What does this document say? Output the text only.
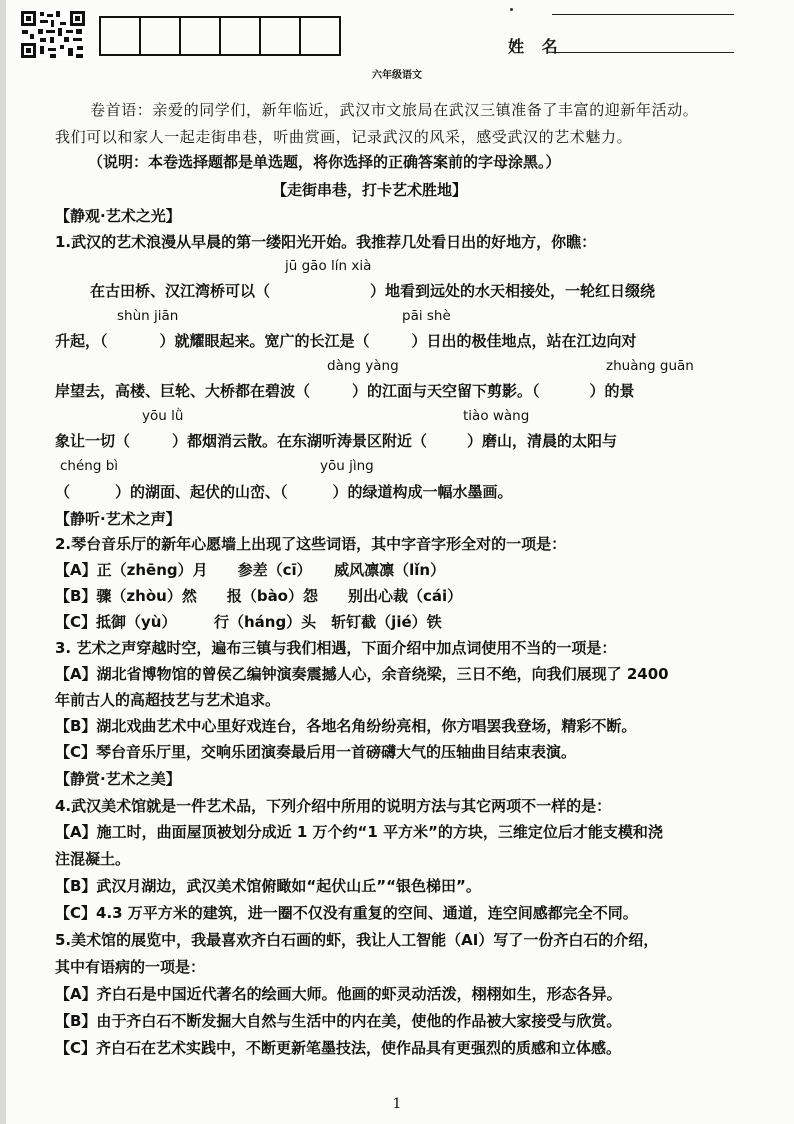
姓 名
六年级语文
卷首语：亲爱的同学们，新年临近，武汉市文旅局在武汉三镇准备了丰富的迎新年活动。
我们可以和家人一起走街串巷，听曲赏画，记录武汉的风采，感受武汉的艺术魅力。
（说明：本卷选择题都是单选题，将你选择的正确答案前的字母涂黑。）
【走街串巷，打卡艺术胜地】
【静观·艺术之光】
1.武汉的艺术浪漫从早晨的第一缕阳光开始。我推荐几处看日出的好地方，你瞧：
jū gāo lín xià
在古田桥、汉江湾桥可以（	）地看到远处的水天相接处，一轮红日缀绕
shùn jiān	pāi shè
升起，（	）就耀眼起来。宽广的长江是（	）日出的极佳地点，站在江边向对
dàng yàng	zhuàng guān
岸望去，高楼、巨轮、大桥都在碧波（	）的江面与天空留下剪影。（	）的景
yōu lǜ	tiào wàng
象让一切（	）都烟消云散。在东湖听涛景区附近（	）磨山，清晨的太阳与
chéng bì	yōu jìng
（	）的湖面、起伏的山峦、（	）的绿道构成一幅水墨画。
【静听·艺术之声】
2.琴台音乐厅的新年心愿墙上出现了这些词语，其中字音字形全对的一项是：
【A】正（zhēng）月　　参差（cī）　　威风凛凛（lǐn）
【B】骤（zhòu）然　　报（bào）怨　　别出心裁（cái）
【C】抵御（yù）　　　行（háng）头　斩钉截（jié）铁
3. 艺术之声穿越时空，遍布三镇与我们相遇，下面介绍中加点词使用不当的一项是：
【A】湖北省博物馆的曾侯乙编钟演奏震撼人心，余音绕梁，三日不绝，向我们展现了 2400
年前古人的高超技艺与艺术追求。
【B】湖北戏曲艺术中心里好戏连台，各地名角纷纷亮相，你方唱罢我登场，精彩不断。
【C】琴台音乐厅里，交响乐团演奏最后用一首磅礴大气的压轴曲目结束表演。
【静赏·艺术之美】
4.武汉美术馆就是一件艺术品，下列介绍中所用的说明方法与其它两项不一样的是：
【A】施工时，曲面屋顶被划分成近 1 万个约“1 平方米”的方块，三维定位后才能支模和浇
注混凝土。
【B】武汉月湖边，武汉美术馆俯瞰如“起伏山丘”“银色梯田”。
【C】4.3 万平方米的建筑，进一圈不仅没有重复的空间、通道，连空间感都完全不同。
5.美术馆的展览中，我最喜欢齐白石画的虾，我让人工智能（AI）写了一份齐白石的介绍，
其中有语病的一项是：
【A】齐白石是中国近代著名的绘画大师。他画的虾灵动活泼，栩栩如生，形态各异。
【B】由于齐白石不断发掘大自然与生活中的内在美，使他的作品被大家接受与欣赏。
【C】齐白石在艺术实践中，不断更新笔墨技法，使作品具有更强烈的质感和立体感。
1
